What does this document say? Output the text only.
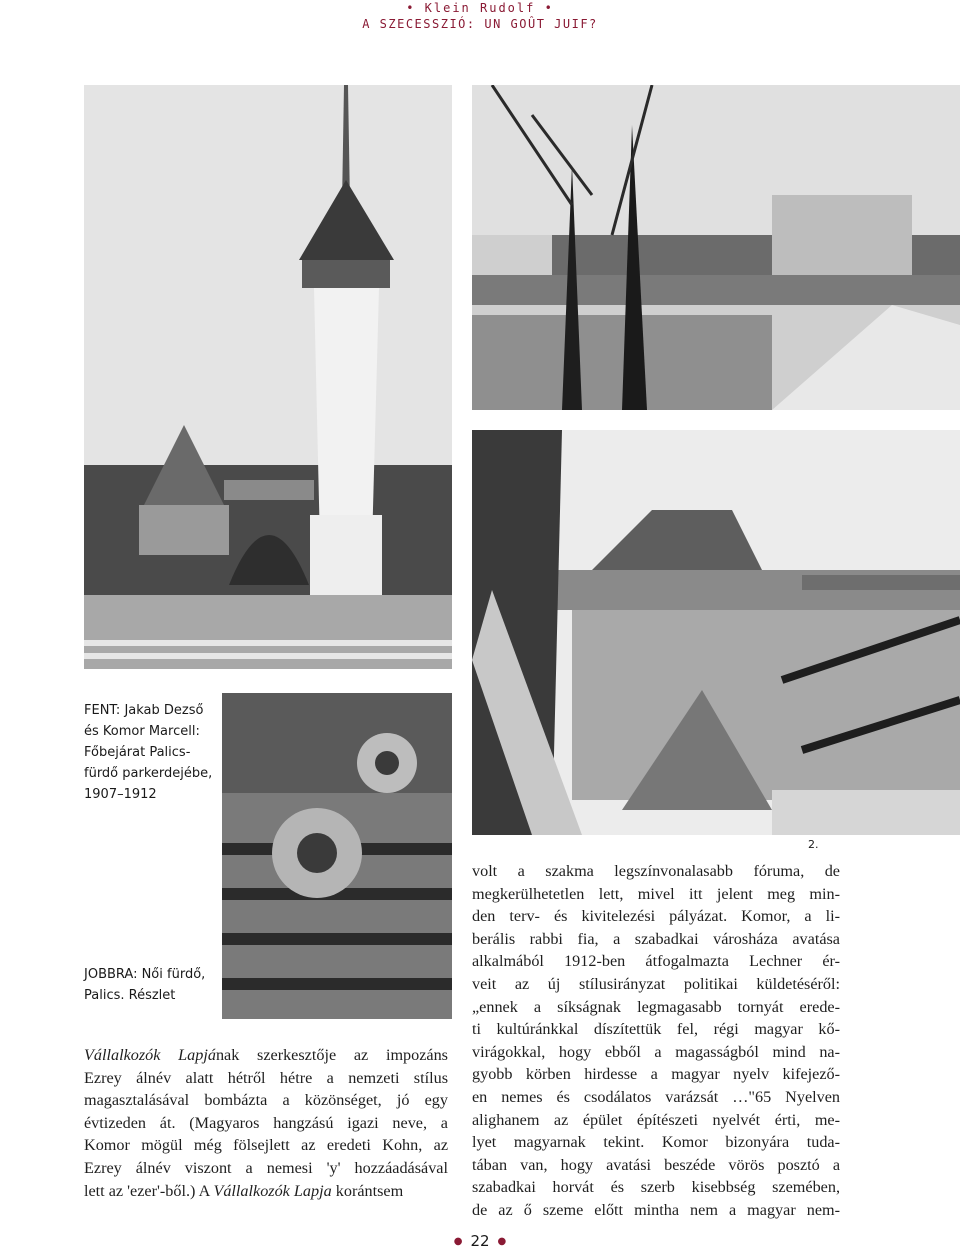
• Klein Rudolf •
A SZECESSZIÓ: UN GOÛT JUIF?
FENT: Jakab Dezső
és Komor Marcell:
Főbejárat Palics-
fürdő parkerdejébe,
1907–1912
JOBBRA: Női fürdő,
Palics. Részlet
2.
Vállalkozók Lapjának szerkesztője az impozáns
Ezrey álnév alatt hétről hétre a nemzeti stílus
magasztalásával bombázta a közönséget, jó egy
évtizeden át. (Magyaros hangzású igazi neve, a
Komor mögül még fölsejlett az eredeti Kohn, az
Ezrey álnév viszont a nemesi 'y' hozzáadásával
lett az 'ezer'-ből.) A Vállalkozók Lapja korántsem
volt a szakma legszínvonalasabb fóruma, de
megkerülhetetlen lett, mivel itt jelent meg min-
den terv- és kivitelezési pályázat. Komor, a li-
berális rabbi fia, a szabadkai városháza avatása
alkalmából 1912-ben átfogalmazta Lechner ér-
veit az új stílusirányzat politikai küldetéséről:
„ennek a síkságnak legmagasabb tornyát erede-
ti kultúránkkal díszítettük fel, régi magyar kő-
virágokkal, hogy ebből a magasságból mind na-
gyobb körben hirdesse a magyar nyelv kifejező-
en nemes és csodálatos varázsát …"65 Nyelven
alighanem az épület építészeti nyelvét érti, me-
lyet magyarnak tekint. Komor bizonyára tuda-
tában van, hogy avatási beszéde vörös posztó a
szabadkai horvát és szerb kisebbség szemében,
de az ő szeme előtt mintha nem a magyar nem-
● 22 ●
